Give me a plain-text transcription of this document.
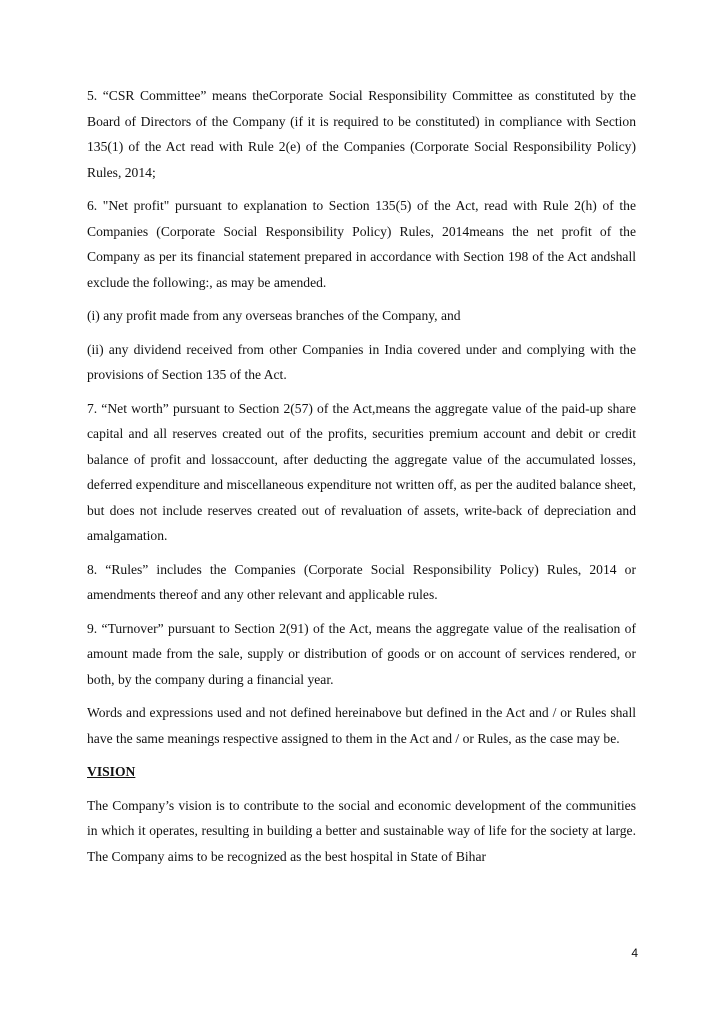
5. “CSR Committee” means theCorporate Social Responsibility Committee as constituted by the Board of Directors of the Company (if it is required to be constituted) in compliance with Section 135(1) of the Act read with Rule 2(e) of the Companies (Corporate Social Responsibility Policy) Rules, 2014;

6. "Net profit" pursuant to explanation to Section 135(5) of the Act, read with Rule 2(h) of the Companies (Corporate Social Responsibility Policy) Rules, 2014means the net profit of the Company as per its financial statement prepared in accordance with Section 198 of the Act andshall exclude the following:, as may be amended.

(i) any profit made from any overseas branches of the Company, and

(ii) any dividend received from other Companies in India covered under and complying with the provisions of Section 135 of the Act.

7. “Net worth” pursuant to Section 2(57) of the Act,means the aggregate value of the paid-up share capital and all reserves created out of the profits, securities premium account and debit or credit balance of profit and lossaccount, after deducting the aggregate value of the accumulated losses, deferred expenditure and miscellaneous expenditure not written off, as per the audited balance sheet, but does not include reserves created out of revaluation of assets, write-back of depreciation and amalgamation.

8. “Rules” includes the Companies (Corporate Social Responsibility Policy) Rules, 2014 or amendments thereof and any other relevant and applicable rules.

9. “Turnover” pursuant to Section 2(91) of the Act, means the aggregate value of the realisation of amount made from the sale, supply or distribution of goods or on account of services rendered, or both, by the company during a financial year.

Words and expressions used and not defined hereinabove but defined in the Act and / or Rules shall have the same meanings respective assigned to them in the Act and / or Rules, as the case may be.

VISION

The Company’s vision is to contribute to the social and economic development of the communities in which it operates, resulting in building a better and sustainable way of life for the society at large. The Company aims to be recognized as the best hospital in State of Bihar

4
